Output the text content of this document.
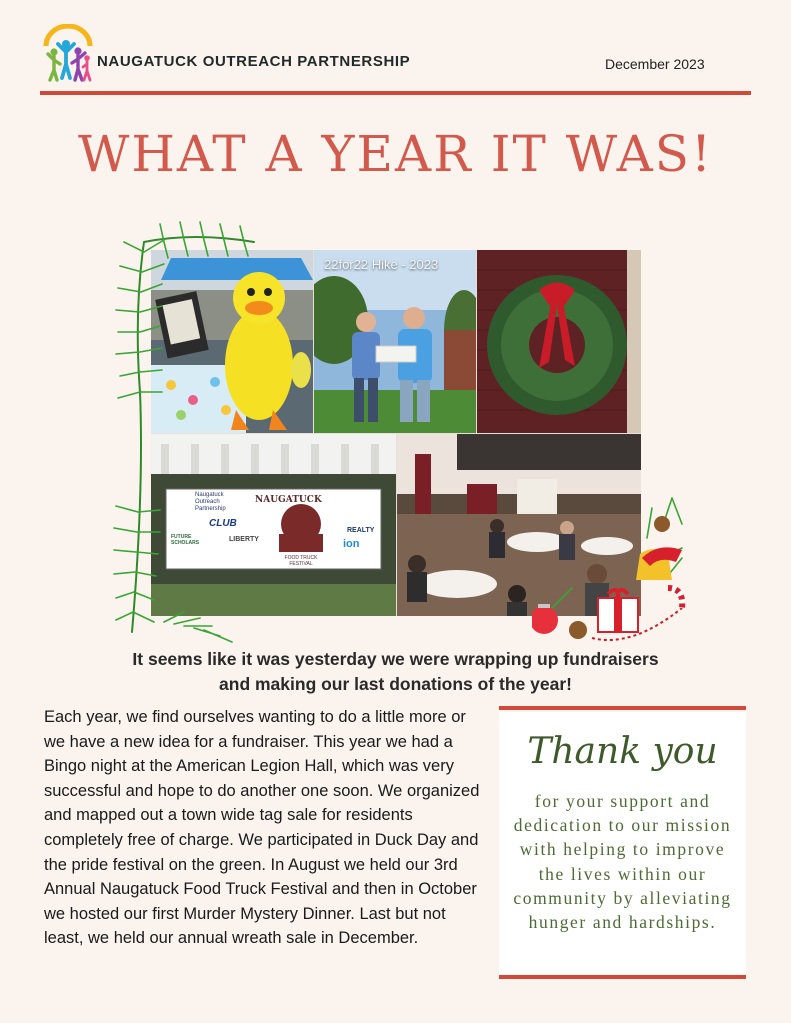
NAUGATUCK OUTREACH PARTNERSHIP	December 2023
WHAT A YEAR IT WAS!
22for22 Hike - 2023
Naugatuck Outreach Partnership
NAUGATUCK
CLUB
LIBERTY
FOOD TRUCK FESTIVAL
REALTY
ion
FUTURE SCHOLARS
It seems like it was yesterday we were wrapping up fundraisers and making our last donations of the year!
Each year, we find ourselves wanting to do a little more or we have a new idea for a fundraiser. This year we had a Bingo night at the American Legion Hall, which was very successful and hope to do another one soon. We organized and mapped out a town wide tag sale for residents completely free of charge. We participated in Duck Day and the pride festival on the green. In August we held our 3rd Annual Naugatuck Food Truck Festival and then in October we hosted our first Murder Mystery Dinner. Last but not least, we held our annual wreath sale in December.
Thank you
for your support and dedication to our mission with helping to improve the lives within our community by alleviating hunger and hardships.
